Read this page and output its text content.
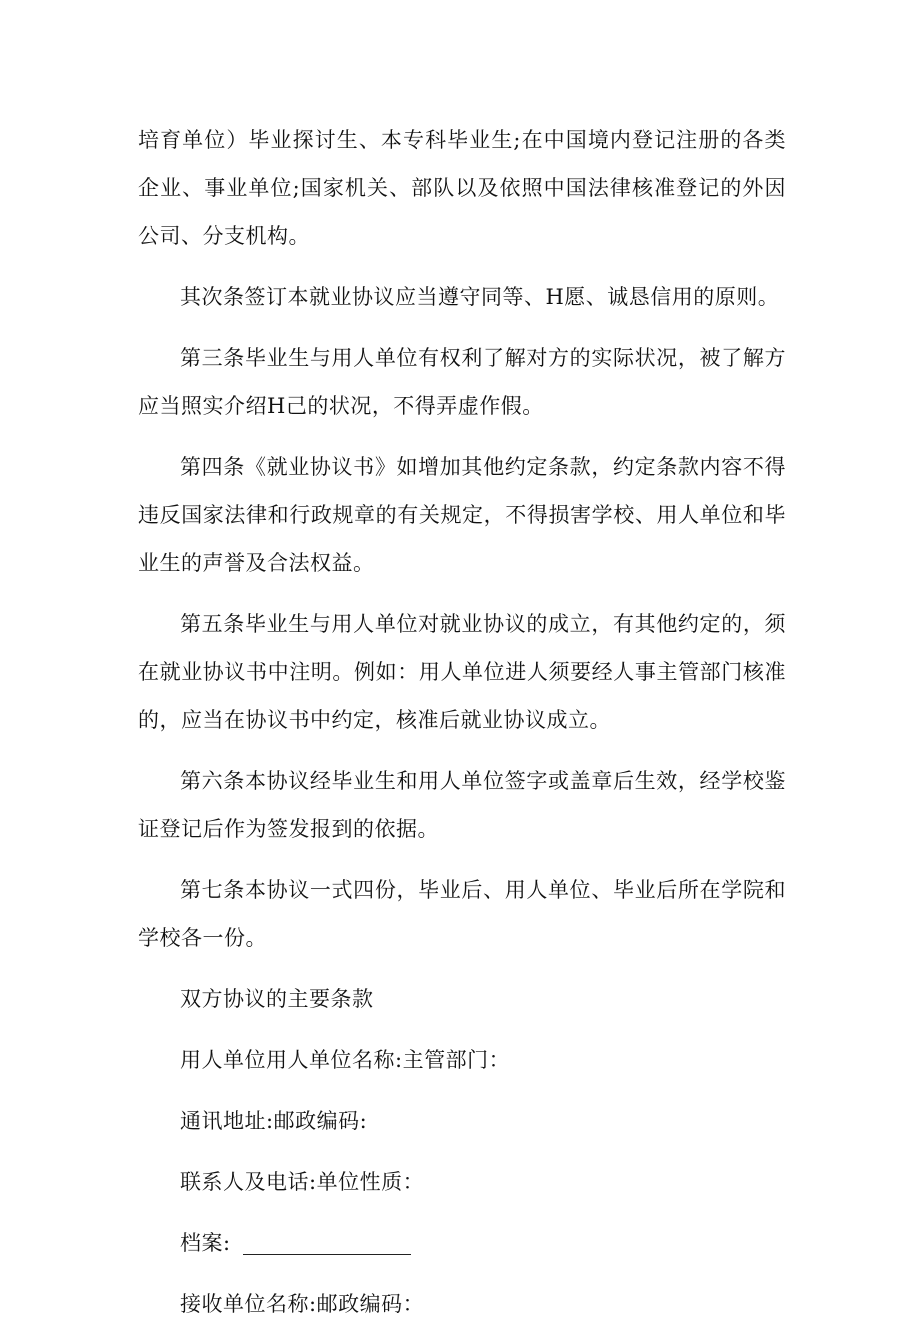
培育单位）毕业探讨生、本专科毕业生;在中国境内登记注册的各类企业、事业单位;国家机关、部队以及依照中国法律核准登记的外因公司、分支机构。

其次条签订本就业协议应当遵守同等、H愿、诚恳信用的原则。

第三条毕业生与用人单位有权利了解对方的实际状况，被了解方应当照实介绍H己的状况，不得弄虚作假。

第四条《就业协议书》如增加其他约定条款，约定条款内容不得违反国家法律和行政规章的有关规定，不得损害学校、用人单位和毕业生的声誉及合法权益。

第五条毕业生与用人单位对就业协议的成立，有其他约定的，须在就业协议书中注明。例如：用人单位进人须要经人事主管部门核准的，应当在协议书中约定，核准后就业协议成立。

第六条本协议经毕业生和用人单位签字或盖章后生效，经学校鉴证登记后作为签发报到的依据。

第七条本协议一式四份，毕业后、用人单位、毕业后所在学院和学校各一份。

双方协议的主要条款

用人单位用人单位名称:主管部门：

通讯地址:邮政编码:

联系人及电话:单位性质：

档案:

接收单位名称:邮政编码：
